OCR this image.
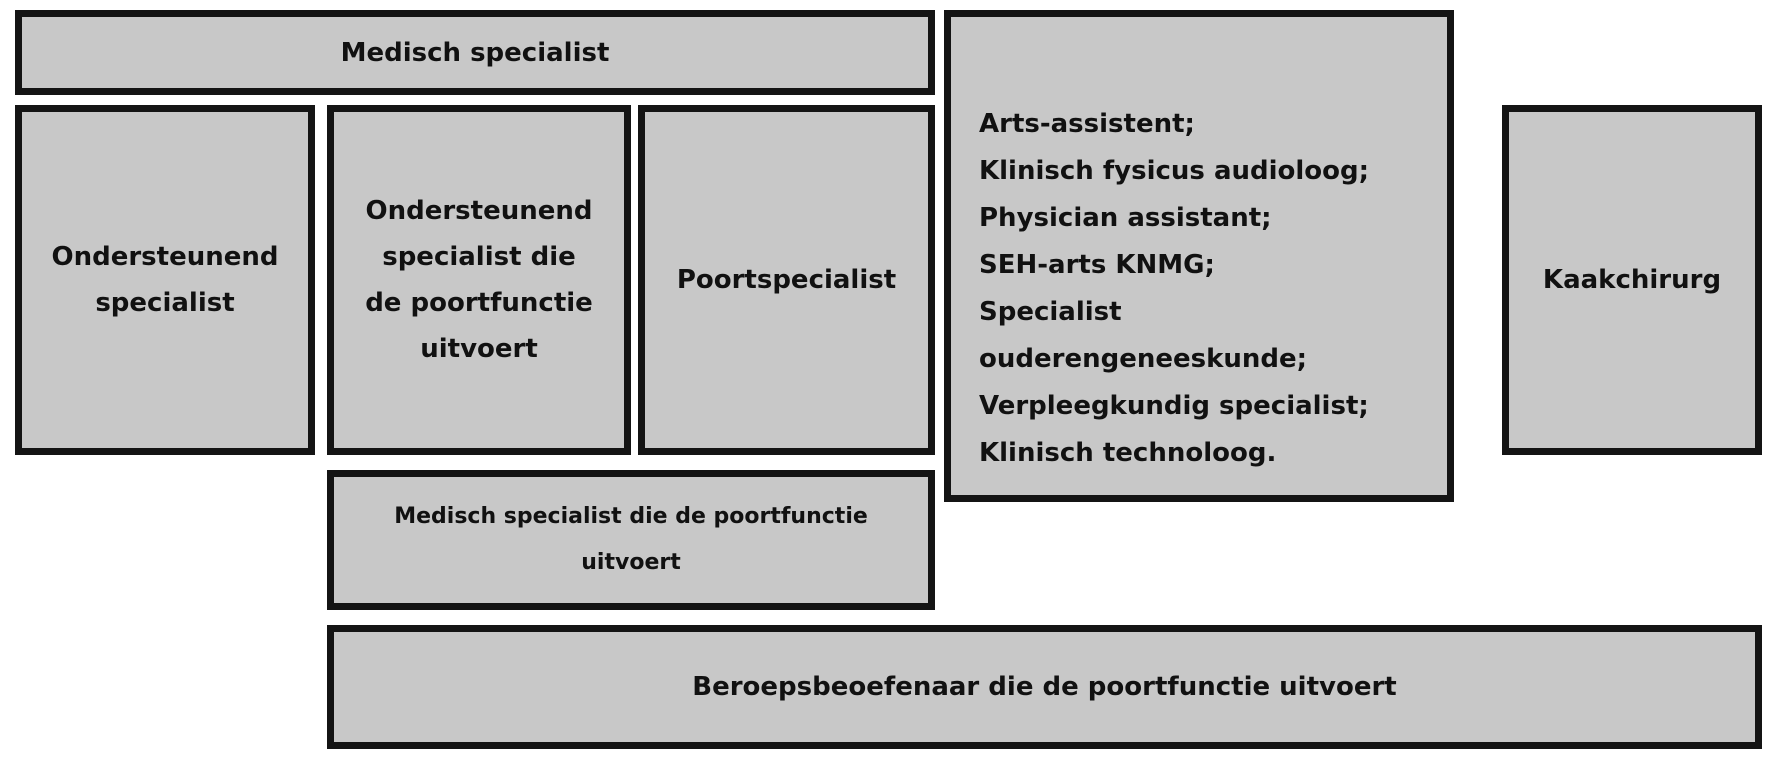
Medisch specialist
Ondersteunend
specialist
Ondersteunend
specialist die
de poortfunctie
uitvoert
Poortspecialist
Arts-assistent;
Klinisch fysicus audioloog;
Physician assistant;
SEH-arts KNMG;
Specialist
ouderengeneeskunde;
Verpleegkundig specialist;
Klinisch technoloog.
Kaakchirurg
Medisch specialist die de poortfunctie
uitvoert
Beroepsbeoefenaar die de poortfunctie uitvoert
